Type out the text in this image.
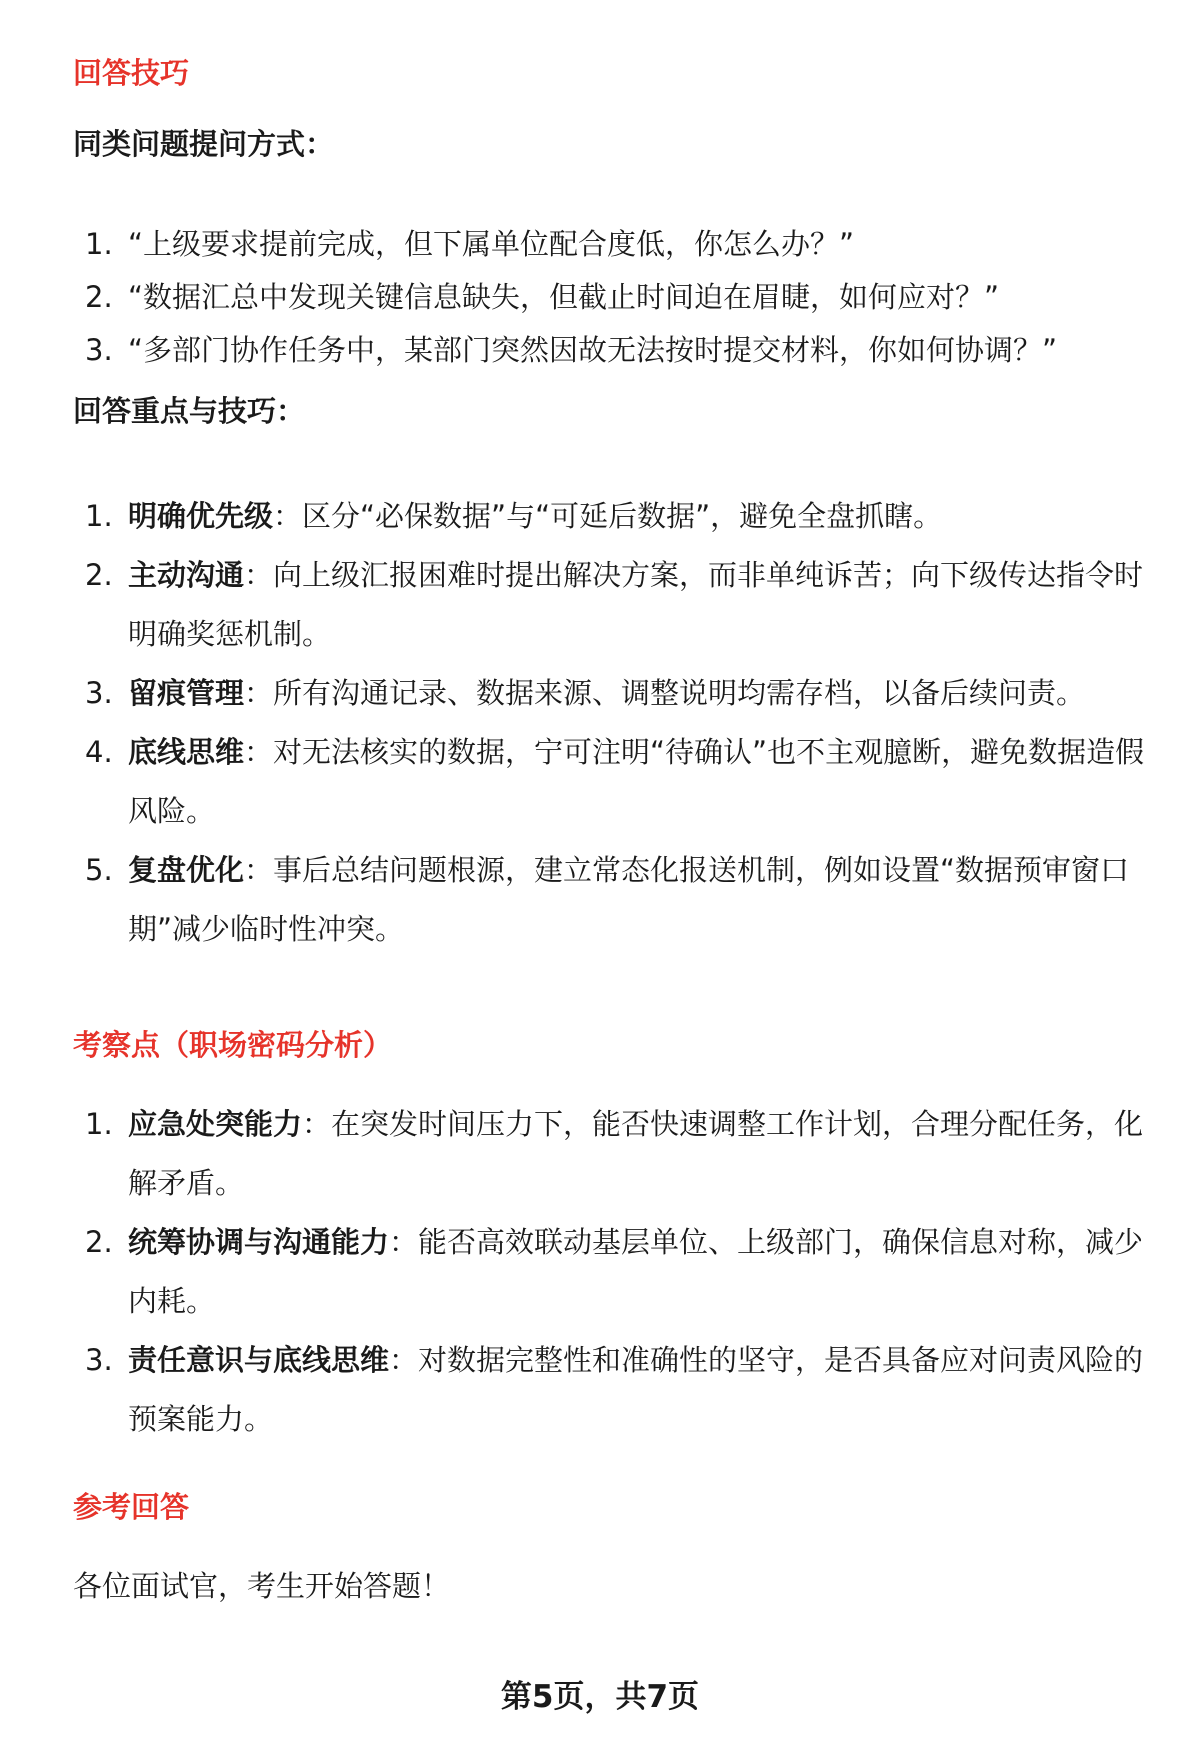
回答技巧
同类问题提问方式：
1. “上级要求提前完成，但下属单位配合度低，你怎么办？”
2. “数据汇总中发现关键信息缺失，但截止时间迫在眉睫，如何应对？”
3. “多部门协作任务中，某部门突然因故无法按时提交材料，你如何协调？”
回答重点与技巧：
1. 明确优先级：区分“必保数据”与“可延后数据”，避免全盘抓瞎。
2. 主动沟通：向上级汇报困难时提出解决方案，而非单纯诉苦；向下级传达指令时明确奖惩机制。
3. 留痕管理：所有沟通记录、数据来源、调整说明均需存档，以备后续问责。
4. 底线思维：对无法核实的数据，宁可注明“待确认”也不主观臆断，避免数据造假风险。
5. 复盘优化：事后总结问题根源，建立常态化报送机制，例如设置“数据预审窗口期”减少临时性冲突。
考察点（职场密码分析）
1. 应急处突能力：在突发时间压力下，能否快速调整工作计划，合理分配任务，化解矛盾。
2. 统筹协调与沟通能力：能否高效联动基层单位、上级部门，确保信息对称，减少内耗。
3. 责任意识与底线思维：对数据完整性和准确性的坚守，是否具备应对问责风险的预案能力。
参考回答
各位面试官，考生开始答题！
第5页，共7页
